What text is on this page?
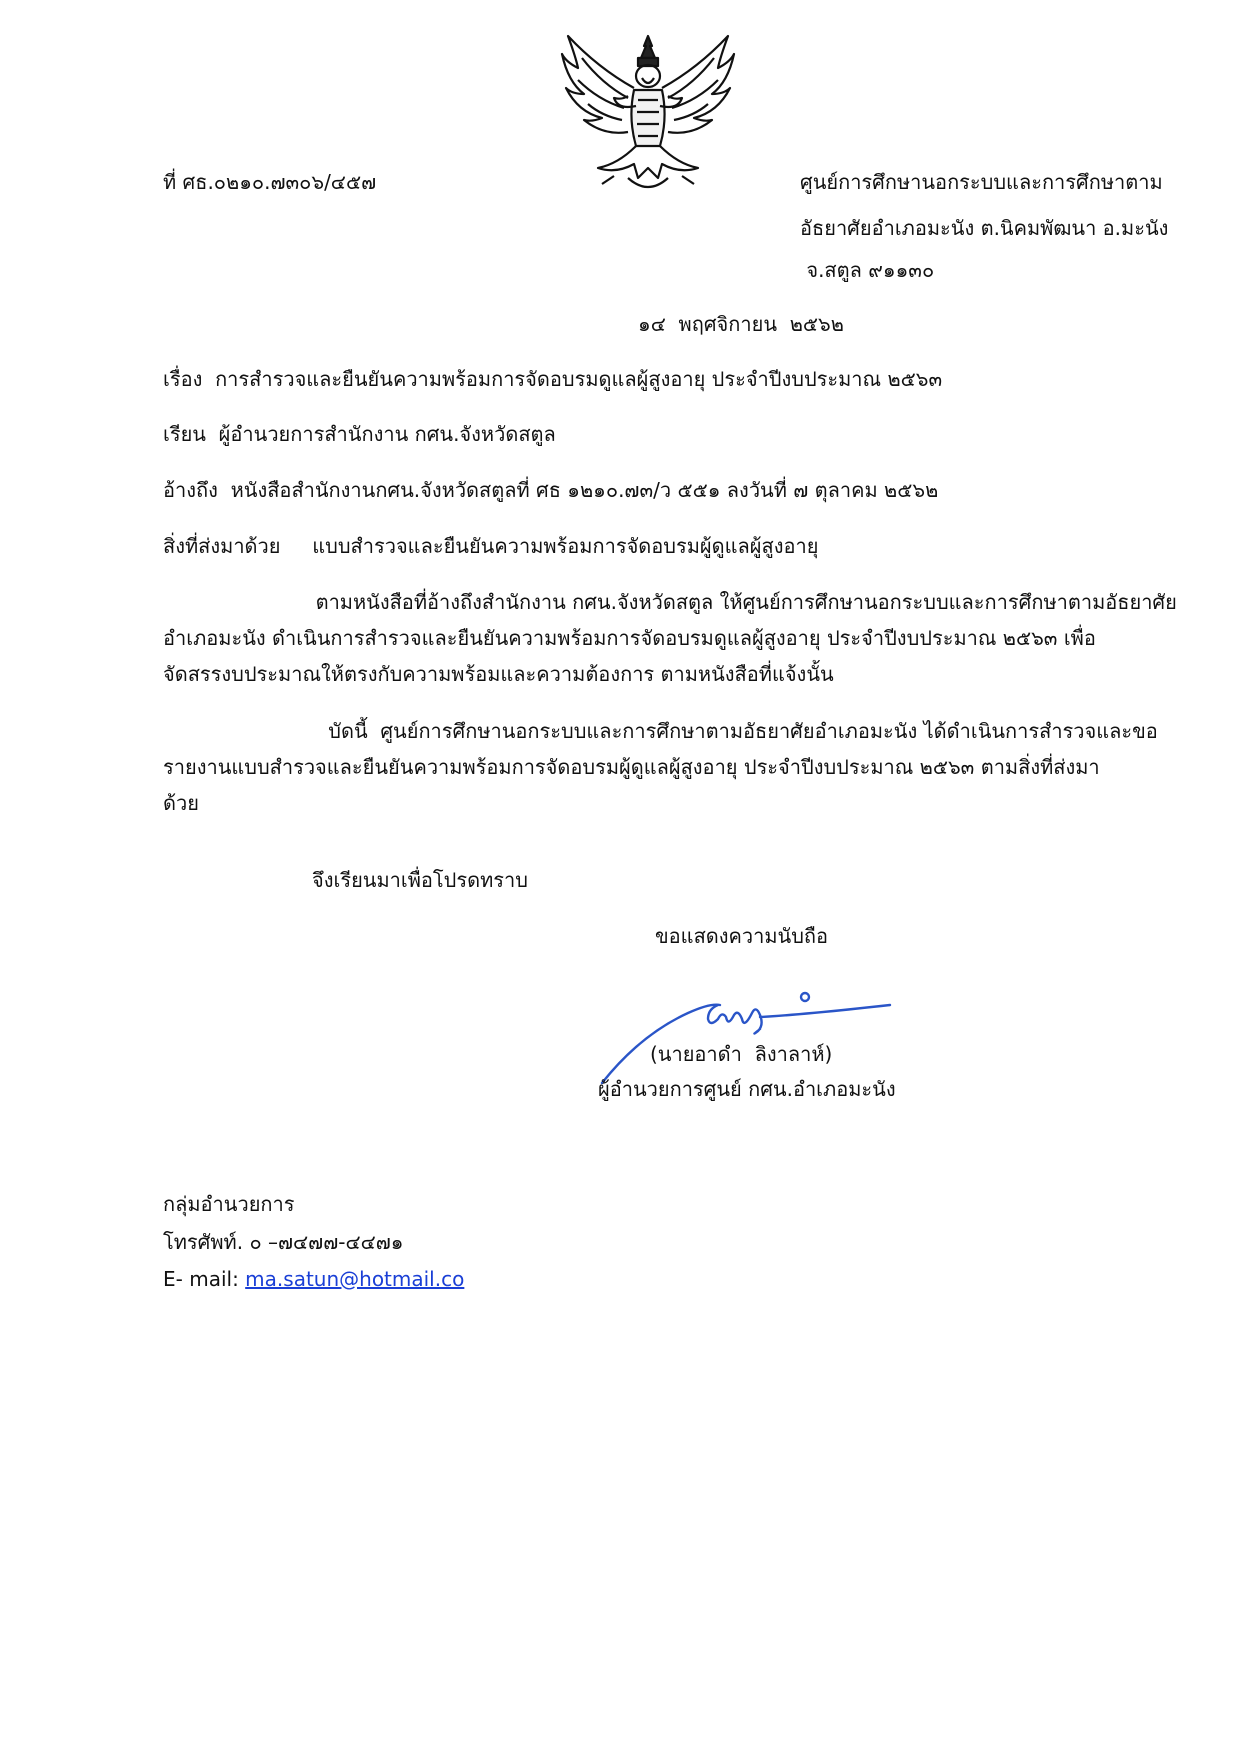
ที่ ศธ.๐๒๑๐.๗๓๐๖/๔๕๗	ศูนย์การศึกษานอกระบบและการศึกษาตาม
อัธยาศัยอำเภอมะนัง ต.นิคมพัฒนา อ.มะนัง
จ.สตูล ๙๑๑๓๐
๑๔  พฤศจิกายน  ๒๕๖๒
เรื่อง  การสำรวจและยืนยันความพร้อมการจัดอบรมดูแลผู้สูงอายุ ประจำปีงบประมาณ ๒๕๖๓
เรียน  ผู้อำนวยการสำนักงาน กศน.จังหวัดสตูล
อ้างถึง  หนังสือสำนักงานกศน.จังหวัดสตูลที่ ศธ ๑๒๑๐.๗๓/ว ๕๕๑ ลงวันที่ ๗ ตุลาคม ๒๕๖๒
สิ่งที่ส่งมาด้วย     แบบสำรวจและยืนยันความพร้อมการจัดอบรมผู้ดูแลผู้สูงอายุ
ตามหนังสือที่อ้างถึงสำนักงาน กศน.จังหวัดสตูล ให้ศูนย์การศึกษานอกระบบและการศึกษาตามอัธยาศัย
อำเภอมะนัง ดำเนินการสำรวจและยืนยันความพร้อมการจัดอบรมดูแลผู้สูงอายุ ประจำปีงบประมาณ ๒๕๖๓ เพื่อ
จัดสรรงบประมาณให้ตรงกับความพร้อมและความต้องการ ตามหนังสือที่แจ้งนั้น
บัดนี้  ศูนย์การศึกษานอกระบบและการศึกษาตามอัธยาศัยอำเภอมะนัง ได้ดำเนินการสำรวจและขอ
รายงานแบบสำรวจและยืนยันความพร้อมการจัดอบรมผู้ดูแลผู้สูงอายุ ประจำปีงบประมาณ ๒๕๖๓ ตามสิ่งที่ส่งมา
ด้วย
จึงเรียนมาเพื่อโปรดทราบ
ขอแสดงความนับถือ
(นายอาดำ  ลิงาลาห์)
ผู้อำนวยการศูนย์ กศน.อำเภอมะนัง
กลุ่มอำนวยการ
โทรศัพท์. ๐ –๗๔๗๗-๔๔๗๑
E- mail: ma.satun@hotmail.co
